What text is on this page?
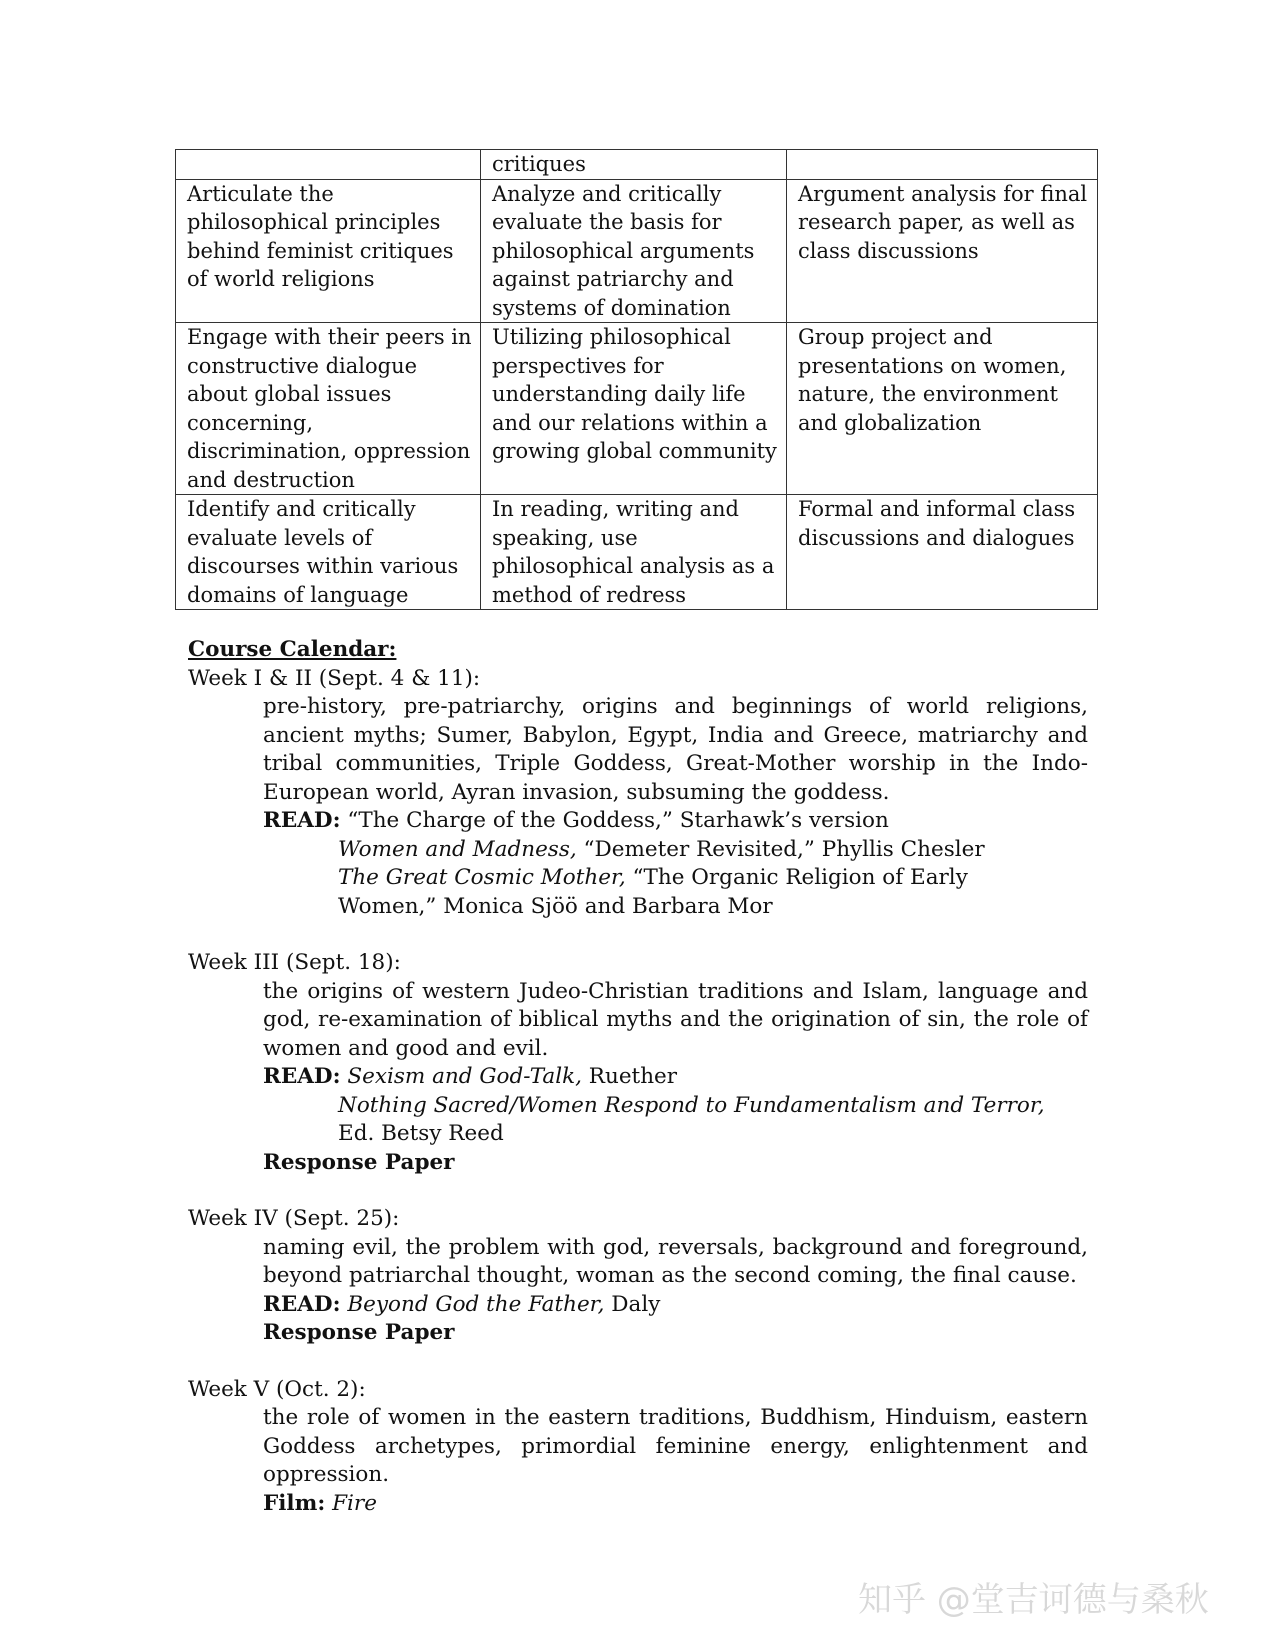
	critiques	
Articulate the philosophical principles behind feminist critiques of world religions	Analyze and critically evaluate the basis for philosophical arguments against patriarchy and systems of domination	Argument analysis for final research paper, as well as class discussions
Engage with their peers in constructive dialogue about global issues concerning, discrimination, oppression and destruction	Utilizing philosophical perspectives for understanding daily life and our relations within a growing global community	Group project and presentations on women, nature, the environment and globalization
Identify and critically evaluate levels of discourses within various domains of language	In reading, writing and speaking, use philosophical analysis as a method of redress	Formal and informal class discussions and dialogues
Course Calendar:

Week I & II (Sept. 4 & 11):

pre-history, pre-patriarchy, origins and beginnings of world religions, ancient myths; Sumer, Babylon, Egypt, India and Greece, matriarchy and tribal communities, Triple Goddess, Great-Mother worship in the Indo-European world, Ayran invasion, subsuming the goddess.

READ: “The Charge of the Goddess,” Starhawk’s version

Women and Madness, “Demeter Revisited,” Phyllis Chesler

The Great Cosmic Mother, “The Organic Religion of Early Women,” Monica Sjöö and Barbara Mor

Week III (Sept. 18):

the origins of western Judeo-Christian traditions and Islam, language and god, re-examination of biblical myths and the origination of sin, the role of women and good and evil.

READ: Sexism and God-Talk, Ruether

Nothing Sacred/Women Respond to Fundamentalism and Terror, Ed. Betsy Reed

Response Paper

Week IV (Sept. 25):

naming evil, the problem with god, reversals, background and foreground, beyond patriarchal thought, woman as the second coming, the final cause.

READ: Beyond God the Father, Daly

Response Paper

Week V (Oct. 2):

the role of women in the eastern traditions, Buddhism, Hinduism, eastern Goddess archetypes, primordial feminine energy, enlightenment and oppression.

Film: Fire

知乎 @堂吉诃德与桑秋
